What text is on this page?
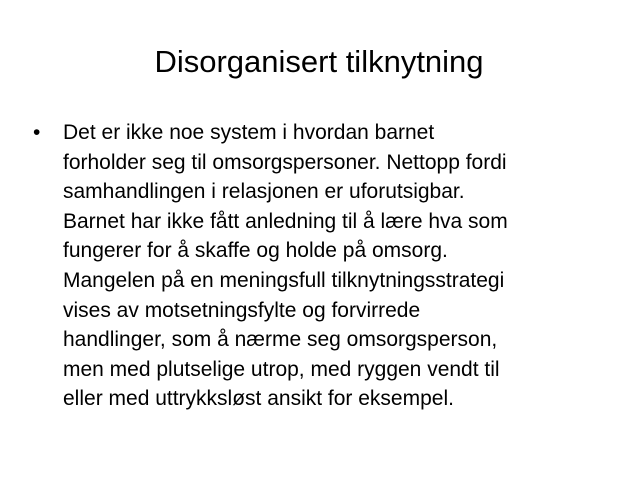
Disorganisert tilknytning
• Det er ikke noe system i hvordan barnet
forholder seg til omsorgspersoner. Nettopp fordi
samhandlingen i relasjonen er uforutsigbar.
Barnet har ikke fått anledning til å lære hva som
fungerer for å skaffe og holde på omsorg.
Mangelen på en meningsfull tilknytningsstrategi
vises av motsetningsfylte og forvirrede
handlinger, som å nærme seg omsorgsperson,
men med plutselige utrop, med ryggen vendt til
eller med uttrykksløst ansikt for eksempel.
